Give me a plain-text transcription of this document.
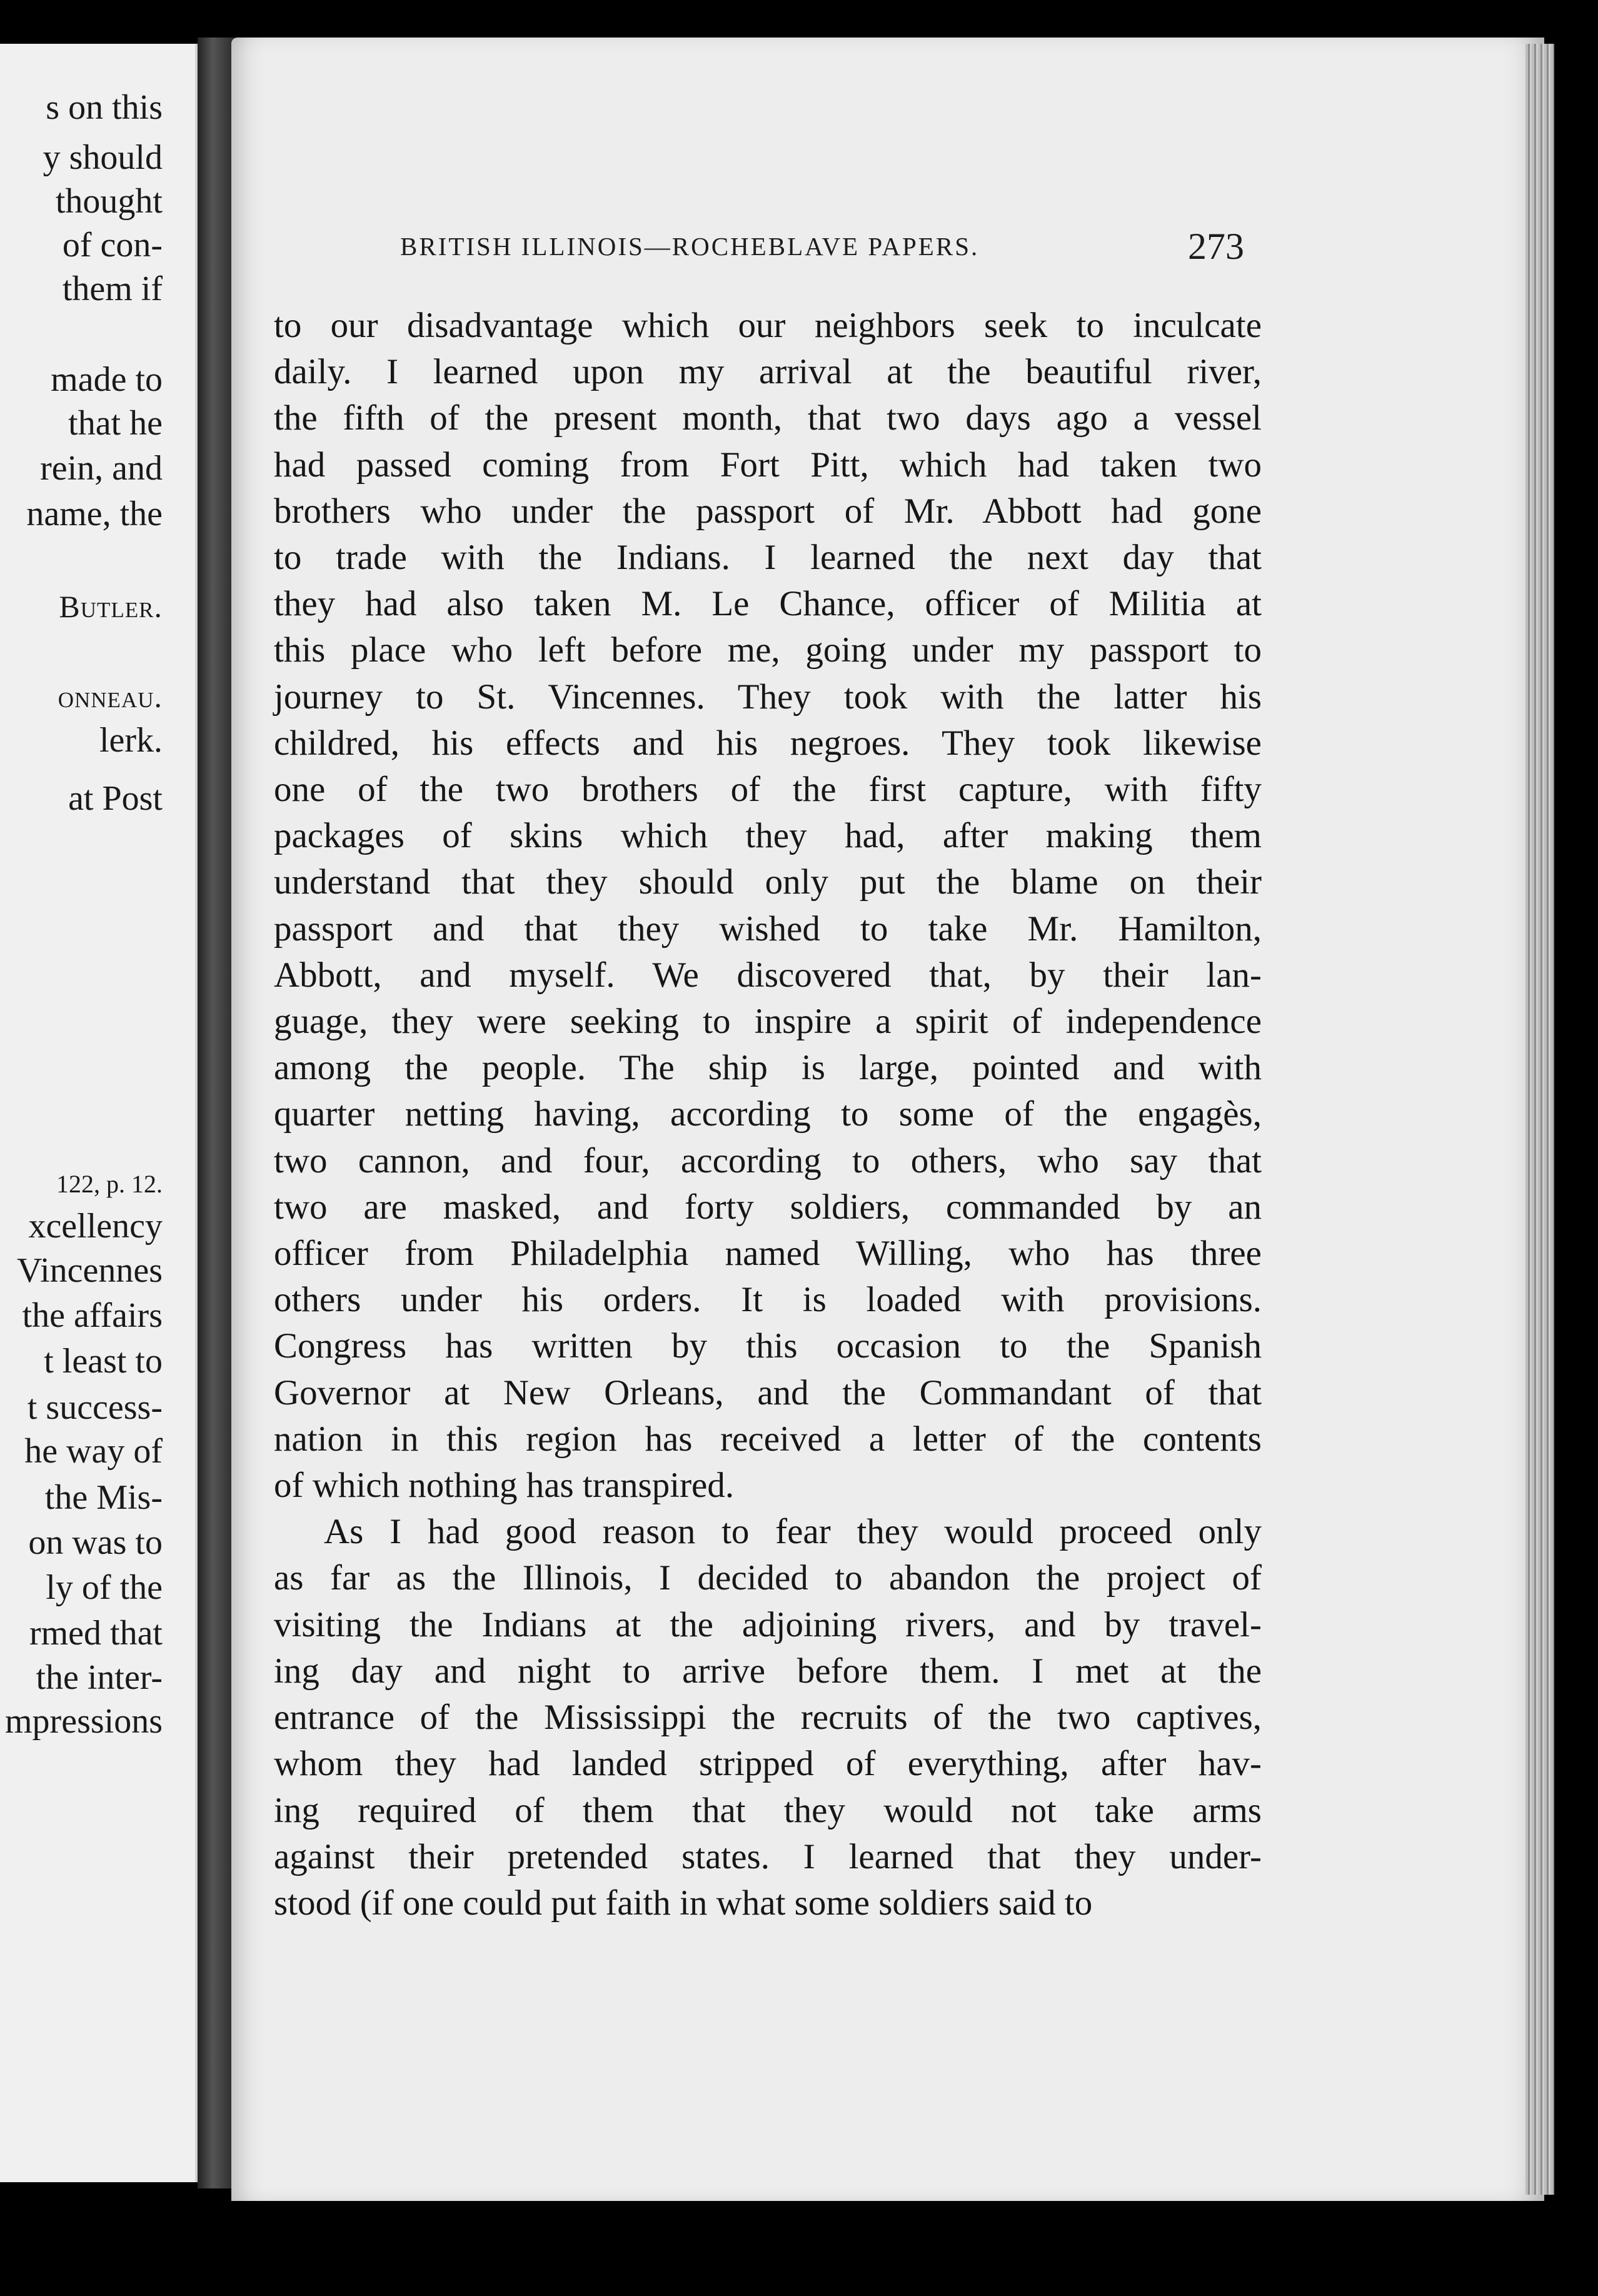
s on this
y should
thought
of con-
them if
made to
that he
rein, and
name, the
Butler.
onneau.
lerk.
at Post
122, p. 12.
xcellency
Vincennes
the affairs
t least to
t success-
he way of
the Mis-
on was to
ly of the
rmed that
the inter-
mpressions
BRITISH ILLINOIS—ROCHEBLAVE PAPERS.	273
to our disadvantage which our neighbors seek to inculcate
daily. I learned upon my arrival at the beautiful river,
the fifth of the present month, that two days ago a vessel
had passed coming from Fort Pitt, which had taken two
brothers who under the passport of Mr. Abbott had gone
to trade with the Indians. I learned the next day that
they had also taken M. Le Chance, officer of Militia at
this place who left before me, going under my passport to
journey to St. Vincennes. They took with the latter his
childred, his effects and his negroes. They took likewise
one of the two brothers of the first capture, with fifty
packages of skins which they had, after making them
understand that they should only put the blame on their
passport and that they wished to take Mr. Hamilton,
Abbott, and myself. We discovered that, by their lan-
guage, they were seeking to inspire a spirit of independence
among the people. The ship is large, pointed and with
quarter netting having, according to some of the engagès,
two cannon, and four, according to others, who say that
two are masked, and forty soldiers, commanded by an
officer from Philadelphia named Willing, who has three
others under his orders. It is loaded with provisions.
Congress has written by this occasion to the Spanish
Governor at New Orleans, and the Commandant of that
nation in this region has received a letter of the contents
of which nothing has transpired.
As I had good reason to fear they would proceed only
as far as the Illinois, I decided to abandon the project of
visiting the Indians at the adjoining rivers, and by travel-
ing day and night to arrive before them. I met at the
entrance of the Mississippi the recruits of the two captives,
whom they had landed stripped of everything, after hav-
ing required of them that they would not take arms
against their pretended states. I learned that they under-
stood (if one could put faith in what some soldiers said to
